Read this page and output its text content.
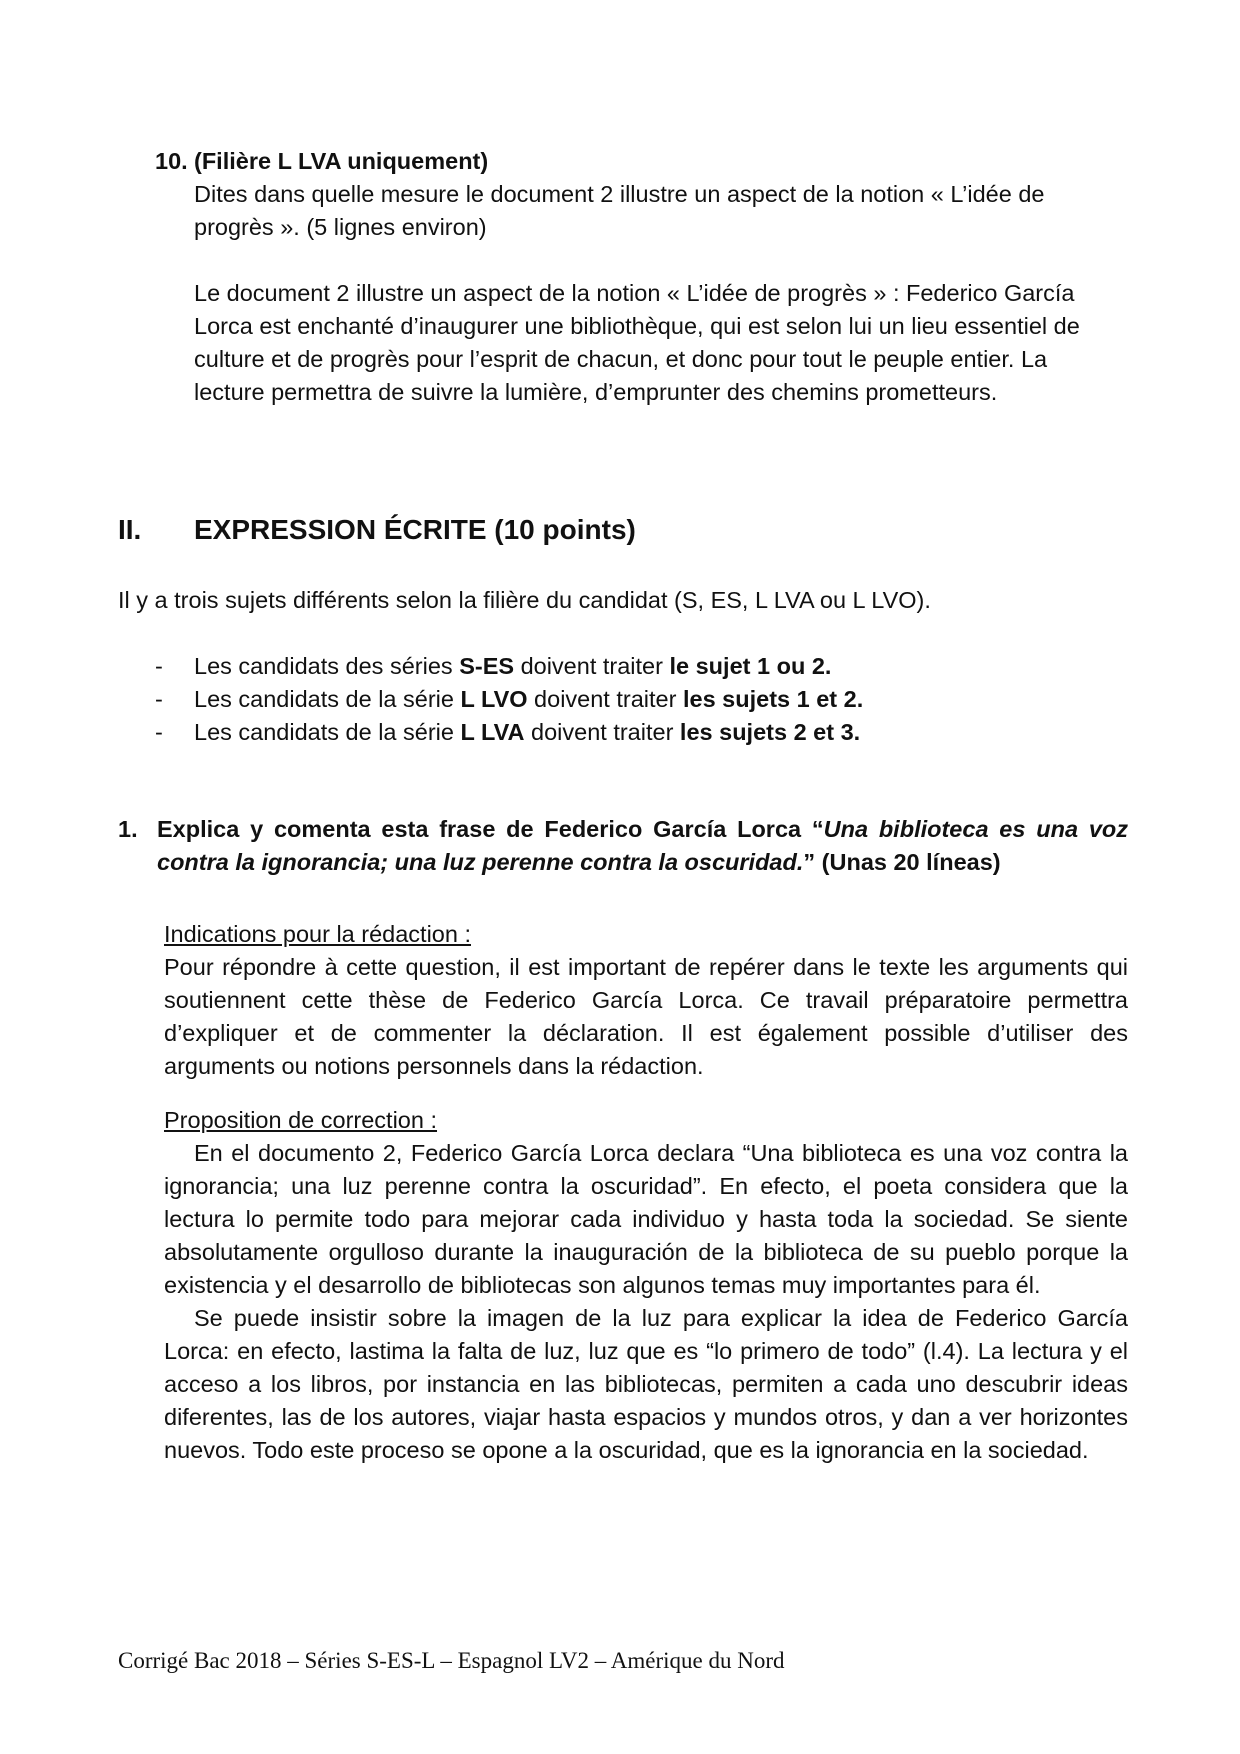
10. (Filière L LVA uniquement)
Dites dans quelle mesure le document 2 illustre un aspect de la notion « L’idée de progrès ». (5 lignes environ)
Le document 2 illustre un aspect de la notion « L’idée de progrès » : Federico García Lorca est enchanté d’inaugurer une bibliothèque, qui est selon lui un lieu essentiel de culture et de progrès pour l’esprit de chacun, et donc pour tout le peuple entier. La lecture permettra de suivre la lumière, d’emprunter des chemins prometteurs.
II. EXPRESSION ÉCRITE (10 points)
Il y a trois sujets différents selon la filière du candidat (S, ES, L LVA ou L LVO).
- Les candidats des séries S-ES doivent traiter le sujet 1 ou 2.
- Les candidats de la série L LVO doivent traiter les sujets 1 et 2.
- Les candidats de la série L LVA doivent traiter les sujets 2 et 3.
1. Explica y comenta esta frase de Federico García Lorca “Una biblioteca es una voz contra la ignorancia; una luz perenne contra la oscuridad.” (Unas 20 líneas)
Indications pour la rédaction :

Pour répondre à cette question, il est important de repérer dans le texte les arguments qui soutiennent cette thèse de Federico García Lorca. Ce travail préparatoire permettra d’expliquer et de commenter la déclaration. Il est également possible d’utiliser des arguments ou notions personnels dans la rédaction.

Proposition de correction :

En el documento 2, Federico García Lorca declara “Una biblioteca es una voz contra la ignorancia; una luz perenne contra la oscuridad”. En efecto, el poeta considera que la lectura lo permite todo para mejorar cada individuo y hasta toda la sociedad. Se siente absolutamente orgulloso durante la inauguración de la biblioteca de su pueblo porque la existencia y el desarrollo de bibliotecas son algunos temas muy importantes para él.

Se puede insistir sobre la imagen de la luz para explicar la idea de Federico García Lorca: en efecto, lastima la falta de luz, luz que es “lo primero de todo” (l.4). La lectura y el acceso a los libros, por instancia en las bibliotecas, permiten a cada uno descubrir ideas diferentes, las de los autores, viajar hasta espacios y mundos otros, y dan a ver horizontes nuevos. Todo este proceso se opone a la oscuridad, que es la ignorancia en la sociedad.

Corrigé Bac 2018 – Séries S-ES-L – Espagnol LV2 – Amérique du Nord
